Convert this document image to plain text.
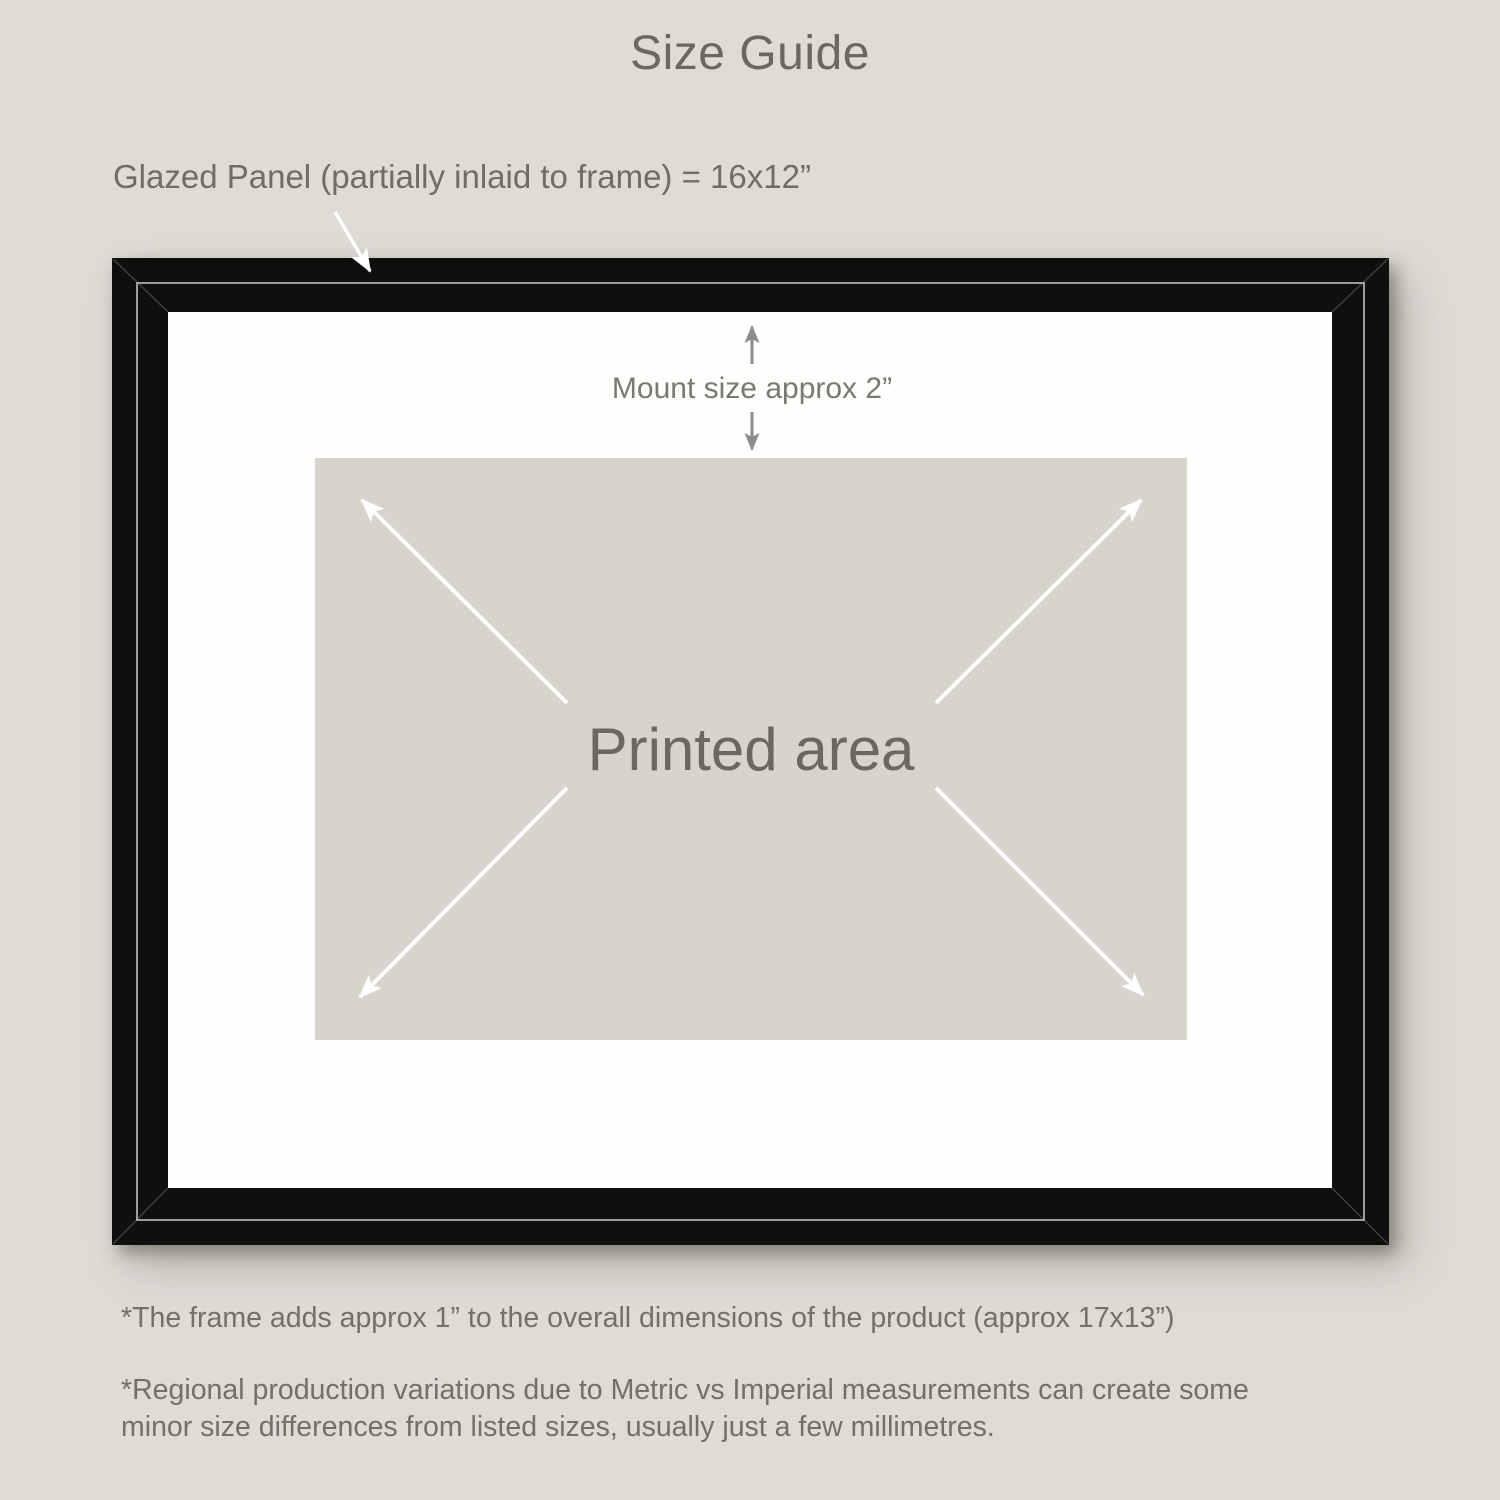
Size Guide
Glazed Panel (partially inlaid to frame) = 16x12”
Printed area
Mount size approx 2”
*The frame adds approx 1” to the overall dimensions of the product (approx 17x13”)
*Regional production variations due to Metric vs Imperial measurements can create some
minor size differences from listed sizes, usually just a few millimetres.
